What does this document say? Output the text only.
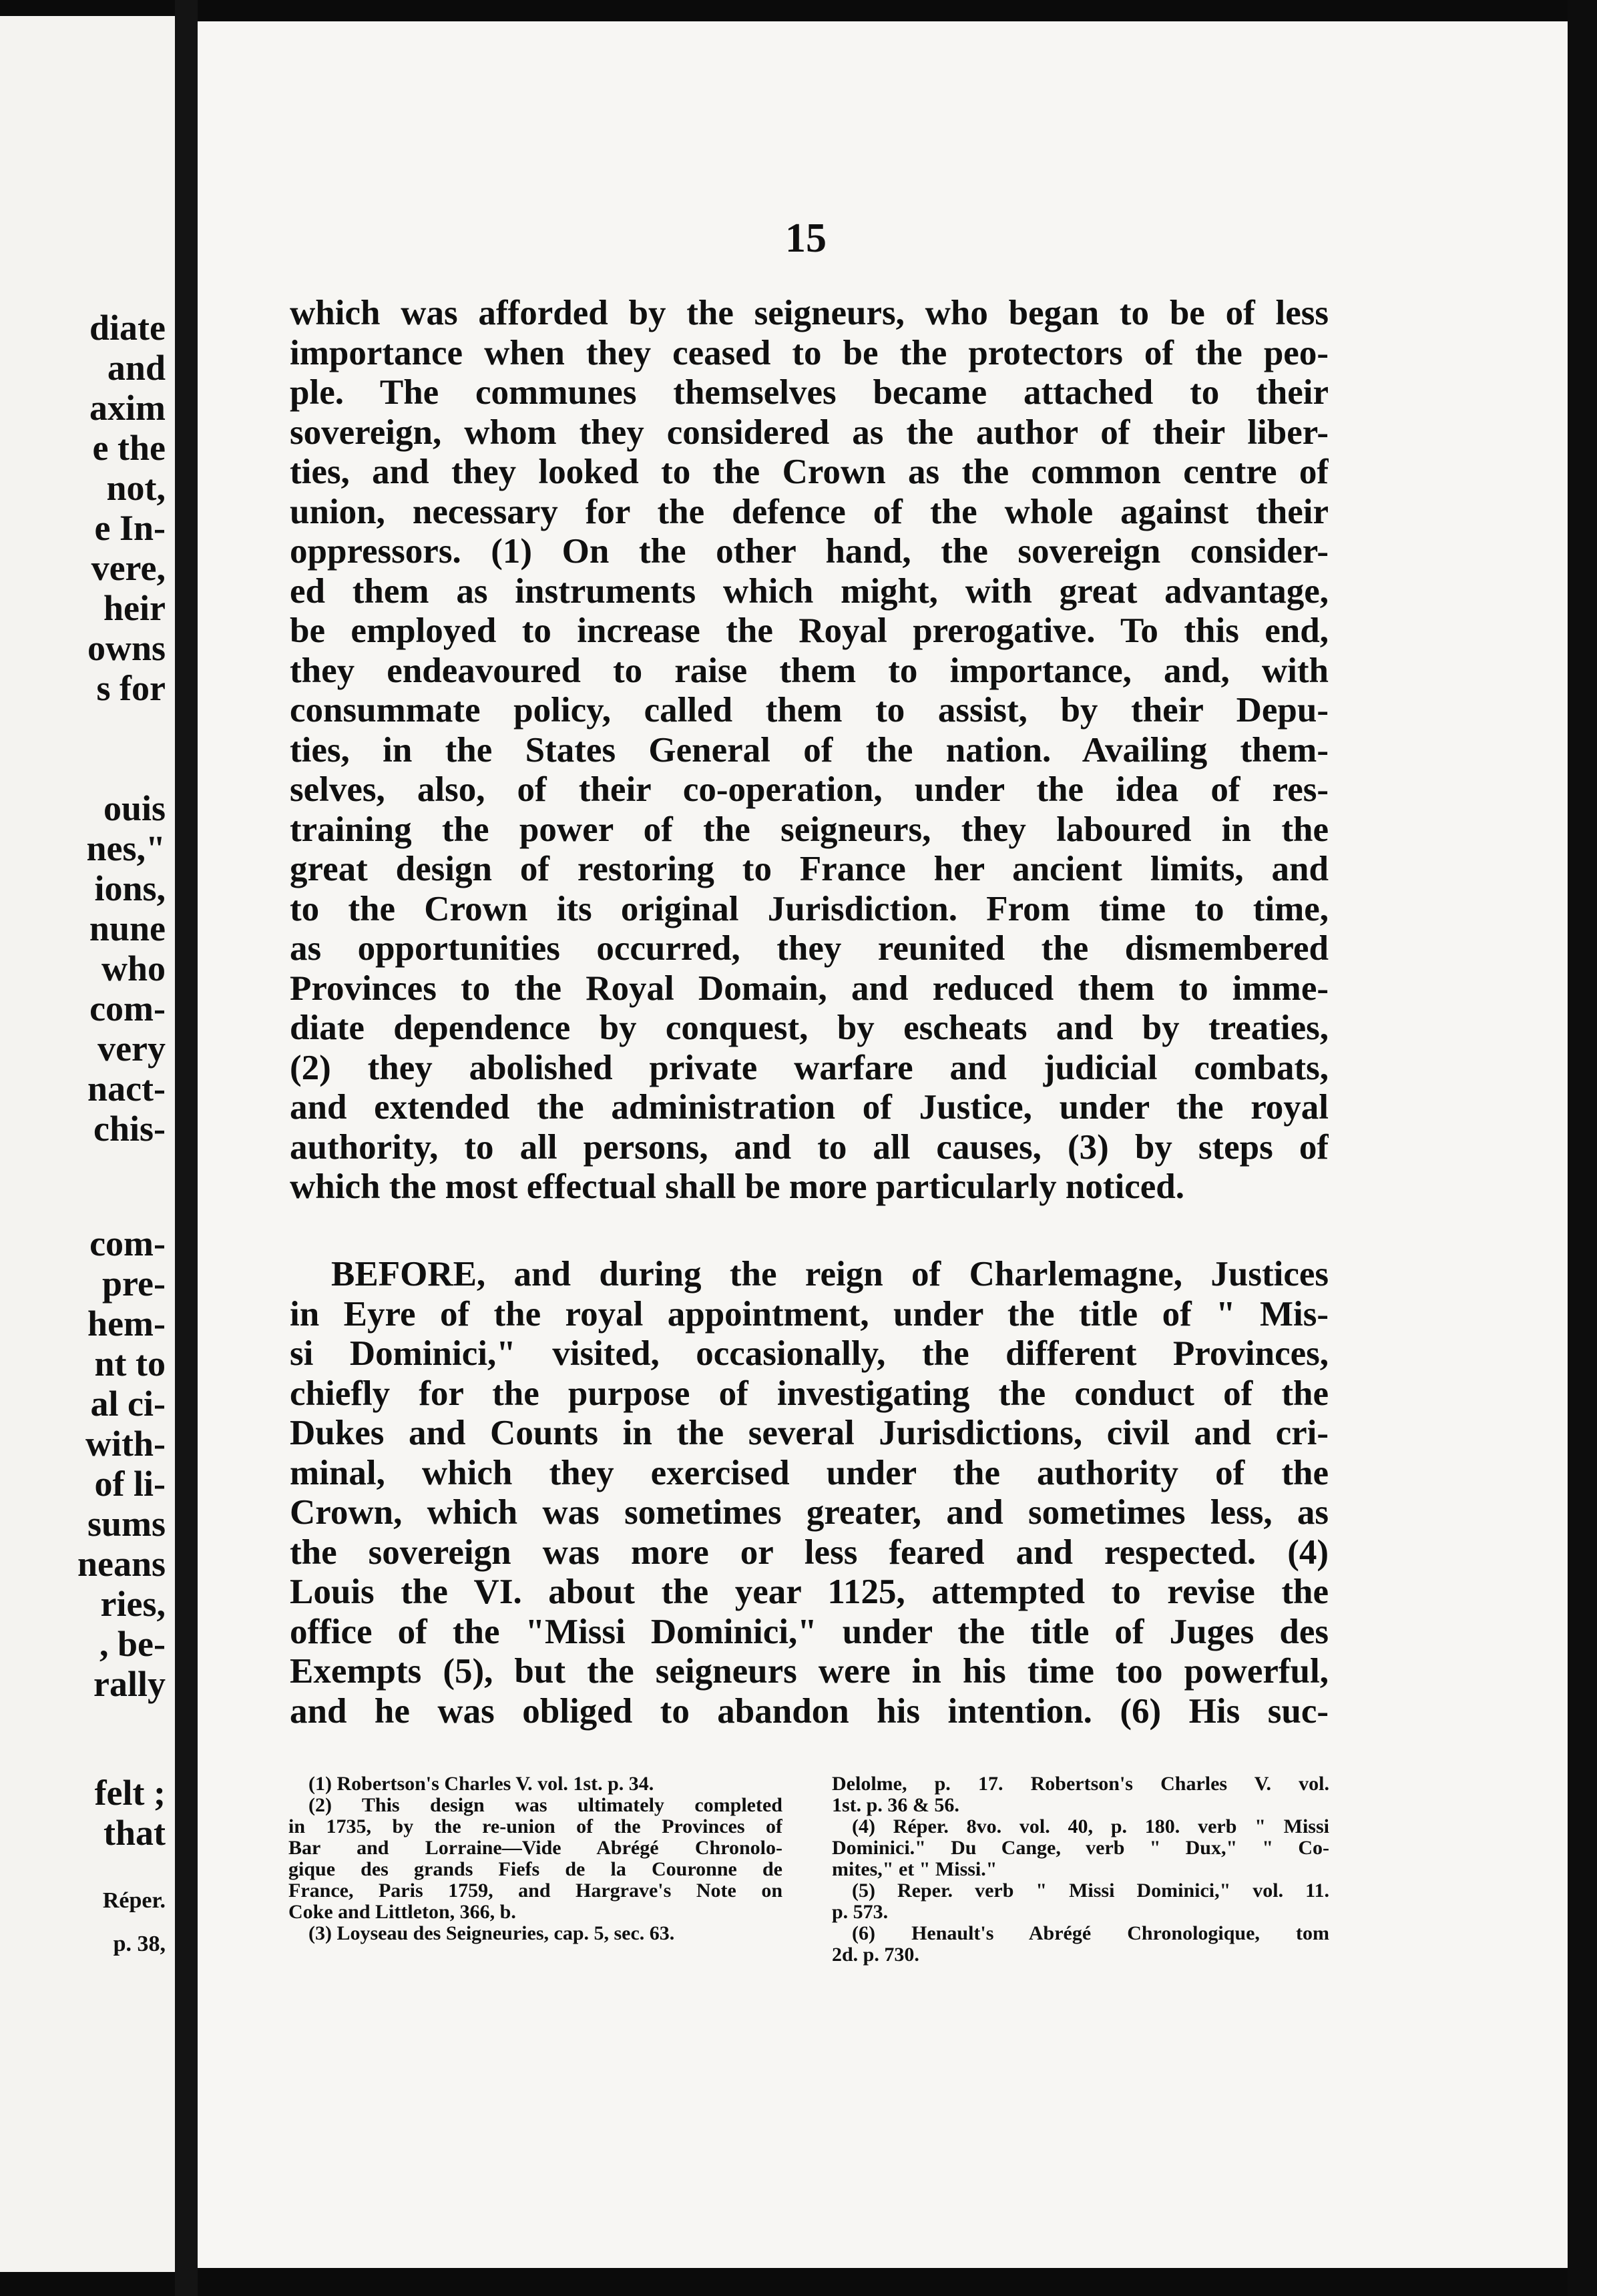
diate
and
axim
e the
not,
e In-
vere,
heir
owns
s for
ouis
nes,"
ions,
nune
who
com-
very
nact-
chis-
com-
pre-
hem-
nt to
al ci-
with-
of li-
sums
neans
ries,
, be-
rally
felt ;
that
Réper.
p. 38,
15
which was afforded by the seigneurs, who began to be of less
importance when they ceased to be the protectors of the peo-
ple. The communes themselves became attached to their
sovereign, whom they considered as the author of their liber-
ties, and they looked to the Crown as the common centre of
union, necessary for the defence of the whole against their
oppressors. (1) On the other hand, the sovereign consider-
ed them as instruments which might, with great advantage,
be employed to increase the Royal prerogative. To this end,
they endeavoured to raise them to importance, and, with
consummate policy, called them to assist, by their Depu-
ties, in the States General of the nation. Availing them-
selves, also, of their co-operation, under the idea of res-
training the power of the seigneurs, they laboured in the
great design of restoring to France her ancient limits, and
to the Crown its original Jurisdiction. From time to time,
as opportunities occurred, they reunited the dismembered
Provinces to the Royal Domain, and reduced them to imme-
diate dependence by conquest, by escheats and by treaties,
(2) they abolished private warfare and judicial combats,
and extended the administration of Justice, under the royal
authority, to all persons, and to all causes, (3) by steps of
which the most effectual shall be more particularly noticed.
BEFORE, and during the reign of Charlemagne, Justices
in Eyre of the royal appointment, under the title of " Mis-
si Dominici," visited, occasionally, the different Provinces,
chiefly for the purpose of investigating the conduct of the
Dukes and Counts in the several Jurisdictions, civil and cri-
minal, which they exercised under the authority of the
Crown, which was sometimes greater, and sometimes less, as
the sovereign was more or less feared and respected. (4)
Louis the VI. about the year 1125, attempted to revise the
office of the "Missi Dominici," under the title of Juges des
Exempts (5), but the seigneurs were in his time too powerful,
and he was obliged to abandon his intention. (6) His suc-
(1) Robertson's Charles V. vol. 1st. p. 34.
(2) This design was ultimately completed
in 1735, by the re-union of the Provinces of
Bar and Lorraine—Vide Abrégé Chronolo-
gique des grands Fiefs de la Couronne de
France, Paris 1759, and Hargrave's Note on
Coke and Littleton, 366, b.
(3) Loyseau des Seigneuries, cap. 5, sec. 63.
Delolme, p. 17. Robertson's Charles V. vol.
1st. p. 36 & 56.
(4) Réper. 8vo. vol. 40, p. 180. verb " Missi
Dominici." Du Cange, verb " Dux," " Co-
mites," et " Missi."
(5) Reper. verb " Missi Dominici," vol. 11.
p. 573.
(6) Henault's Abrégé Chronologique, tom
2d. p. 730.
